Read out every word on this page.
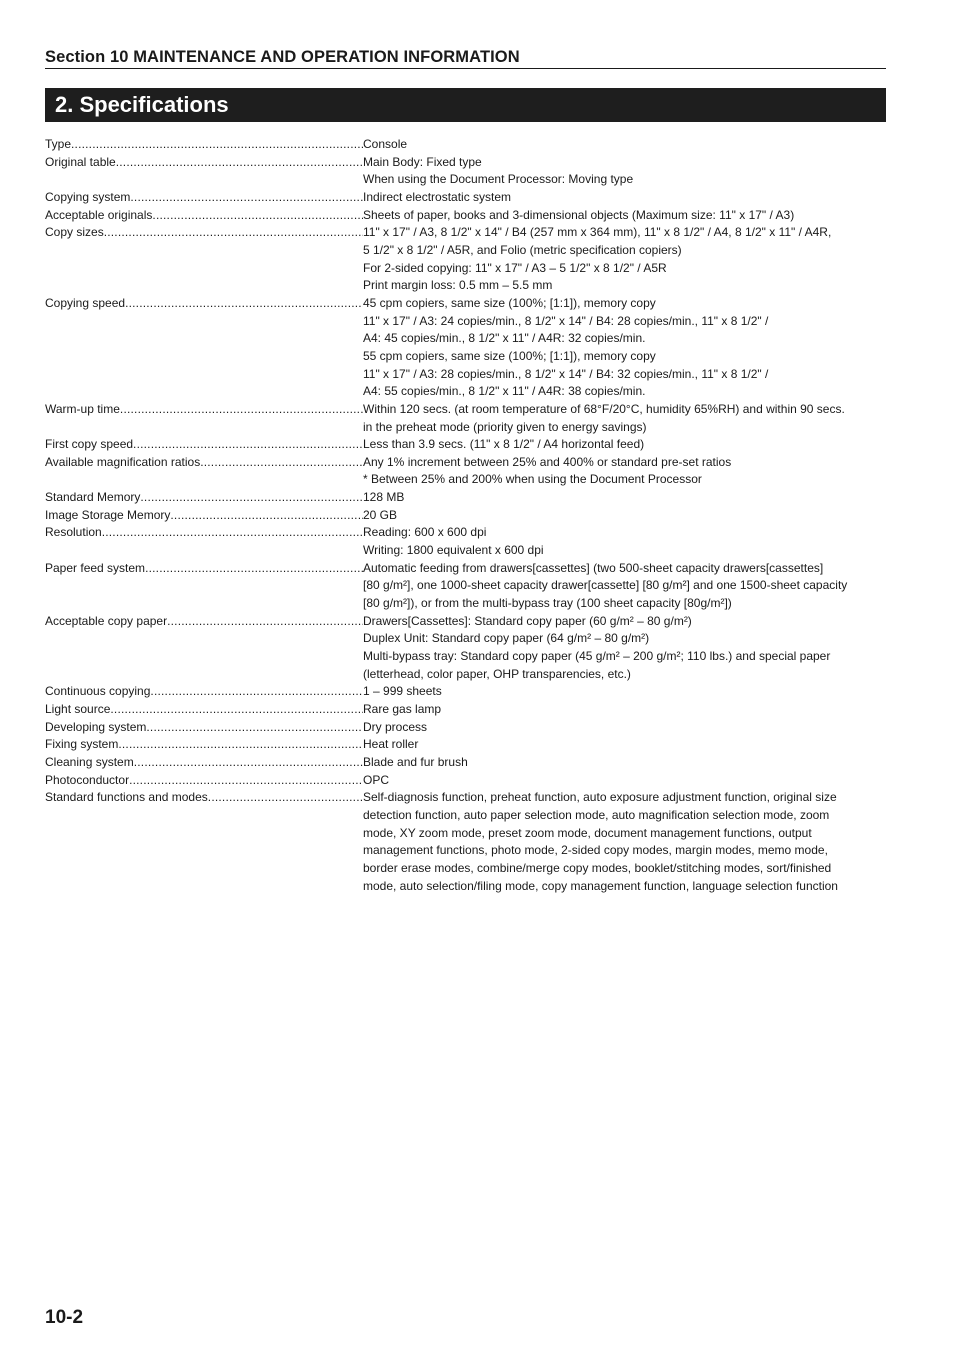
Section 10 MAINTENANCE AND OPERATION INFORMATION
2. Specifications
Type .....	Console
Original table .....	Main Body: Fixed type
When using the Document Processor: Moving type
Copying system .....	Indirect electrostatic system
Acceptable originals .....	Sheets of paper, books and 3-dimensional objects (Maximum size: 11" x 17" / A3)
Copy sizes .....	11" x 17" / A3, 8 1/2" x 14" / B4 (257 mm x 364 mm), 11" x 8 1/2" / A4, 8 1/2" x 11" / A4R,
5 1/2" x 8 1/2" / A5R, and Folio (metric specification copiers)
For 2-sided copying: 11" x 17" / A3 – 5 1/2" x 8 1/2" / A5R
Print margin loss: 0.5 mm – 5.5 mm
Copying speed .....	45 cpm copiers, same size (100%; [1:1]), memory copy
11" x 17" / A3: 24 copies/min., 8 1/2" x 14" / B4: 28 copies/min., 11" x 8 1/2" /
A4: 45 copies/min., 8 1/2" x 11" / A4R: 32 copies/min.
55 cpm copiers, same size (100%; [1:1]), memory copy
11" x 17" / A3: 28 copies/min., 8 1/2" x 14" / B4: 32 copies/min., 11" x 8 1/2" /
A4: 55 copies/min., 8 1/2" x 11" / A4R: 38 copies/min.
Warm-up time .....	Within 120 secs. (at room temperature of 68°F/20°C, humidity 65%RH) and within 90 secs.
in the preheat mode (priority given to energy savings)
First copy speed .....	Less than 3.9 secs. (11" x 8 1/2" / A4 horizontal feed)
Available magnification ratios .....	Any 1% increment between 25% and 400% or standard pre-set ratios
* Between 25% and 200% when using the Document Processor
Standard Memory .....	128 MB
Image Storage Memory .....	20 GB
Resolution .....	Reading: 600 x 600 dpi
Writing: 1800 equivalent x 600 dpi
Paper feed system .....	Automatic feeding from drawers[cassettes] (two 500-sheet capacity drawers[cassettes]
[80 g/m²], one 1000-sheet capacity drawer[cassette] [80 g/m²] and one 1500-sheet capacity
[80 g/m²]), or from the multi-bypass tray (100 sheet capacity [80g/m²])
Acceptable copy paper .....	Drawers[Cassettes]: Standard copy paper (60 g/m² – 80 g/m²)
Duplex Unit: Standard copy paper (64 g/m² – 80 g/m²)
Multi-bypass tray: Standard copy paper (45 g/m² – 200 g/m²; 110 lbs.) and special paper
(letterhead, color paper, OHP transparencies, etc.)
Continuous copying .....	1 – 999 sheets
Light source .....	Rare gas lamp
Developing system .....	Dry process
Fixing system .....	Heat roller
Cleaning system .....	Blade and fur brush
Photoconductor .....	OPC
Standard functions and modes .....	Self-diagnosis function, preheat function, auto exposure adjustment function, original size
detection function, auto paper selection mode, auto magnification selection mode, zoom
mode, XY zoom mode, preset zoom mode, document management functions, output
management functions, photo mode, 2-sided copy modes, margin modes, memo mode,
border erase modes, combine/merge copy modes, booklet/stitching modes, sort/finished
mode, auto selection/filing mode, copy management function, language selection function
10-2
